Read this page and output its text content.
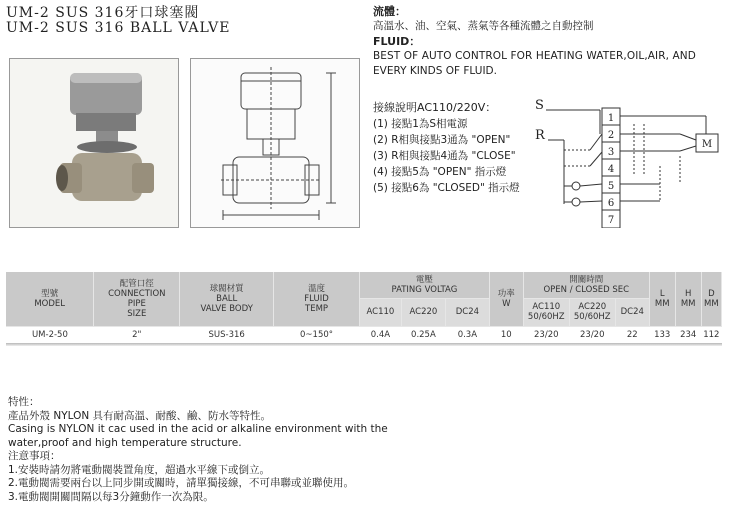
UM-2 SUS 316牙口球塞閥
UM-2 SUS 316 BALL VALVE
流體：
高溫水、油、空氣、蒸氣等各種流體之自動控制
FLUID：
BEST OF AUTO CONTROL FOR HEATING WATER,OIL,AIR, AND
EVERY KINDS OF FLUID.
接線說明AC110/220V：
(1) 接點1為S相電源
(2) R相與接點3通為 "OPEN"
(3) R相與接點4通為 "CLOSE"
(4) 接點5為 "OPEN" 指示燈
(5) 接點6為 "CLOSED" 指示燈
S
R
1
2
3
4
5
6
7
M
型號
MODEL	配管口徑
CONNECTION
PIPE
SIZE	球閥材質
BALL
VALVE BODY	溫度
FLUID
TEMP	電壓
PATING VOLTAG			功率
W	開關時間
OPEN / CLOSED SEC			L
MM	H
MM	D
MM
				AC110	AC220	DC24		AC110
50/60HZ	AC220
50/60HZ	DC24			
UM-2-50	2"	SUS-316	0~150°	0.4A	0.25A	0.3A	10	23/20	23/20	22	133	234	112
特性：
產品外殼 NYLON 具有耐高溫、耐酸、鹼、防水等特性。
Casing is NYLON it cac used in the acid or alkaline environment with the
water,proof and high temperature structure.
注意事項：
1.安裝時請勿將電動閥裝置角度，超過水平線下或倒立。
2.電動閥需要兩台以上同步開或關時，請單獨接線，不可串聯或並聯使用。
3.電動閥開關間隔以每3分鐘動作一次為限。
